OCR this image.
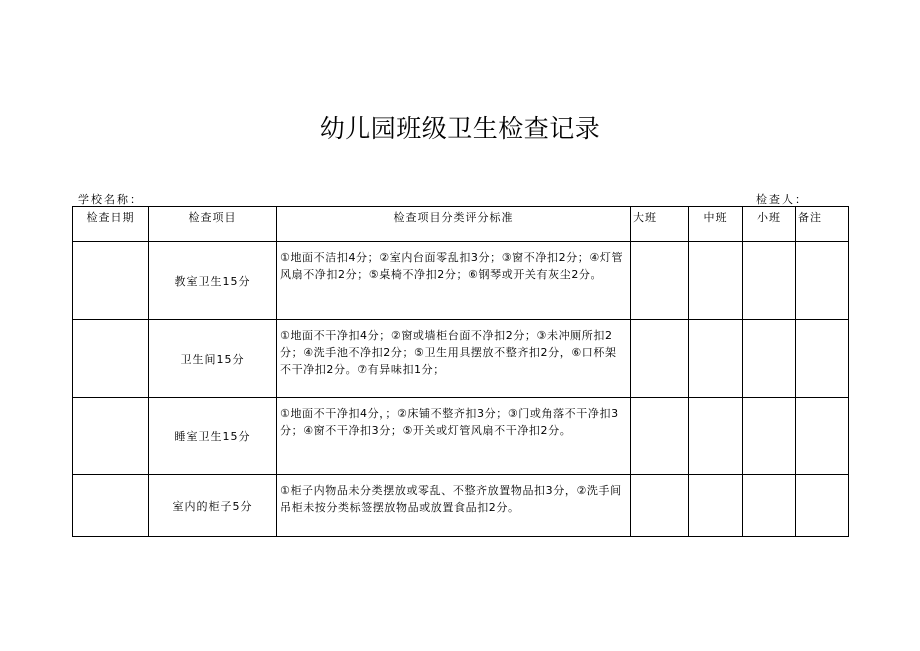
幼儿园班级卫生检查记录
学校名称：	检查人：
检查日期	检查项目	检查项目分类评分标准	大班	中班	小班	备注
	教室卫生15分	①地面不洁扣4分；②室内台面零乱扣3分；③窗不净扣2分；④灯管风扇不净扣2分；⑤桌椅不净扣2分；⑥钢琴或开关有灰尘2分。				
	卫生间15分	①地面不干净扣4分；②窗或墙柜台面不净扣2分；③未冲厕所扣2分；④洗手池不净扣2分；⑤卫生用具摆放不整齐扣2分，⑥口杯架不干净扣2分。⑦有异味扣1分；				
	睡室卫生15分	①地面不干净扣4分，；②床铺不整齐扣3分；③门或角落不干净扣3分；④窗不干净扣3分；⑤开关或灯管风扇不干净扣2分。				
	室内的柜子5分	①柜子内物品未分类摆放或零乱、不整齐放置物品扣3分，②洗手间吊柜未按分类标签摆放物品或放置食品扣2分。				
